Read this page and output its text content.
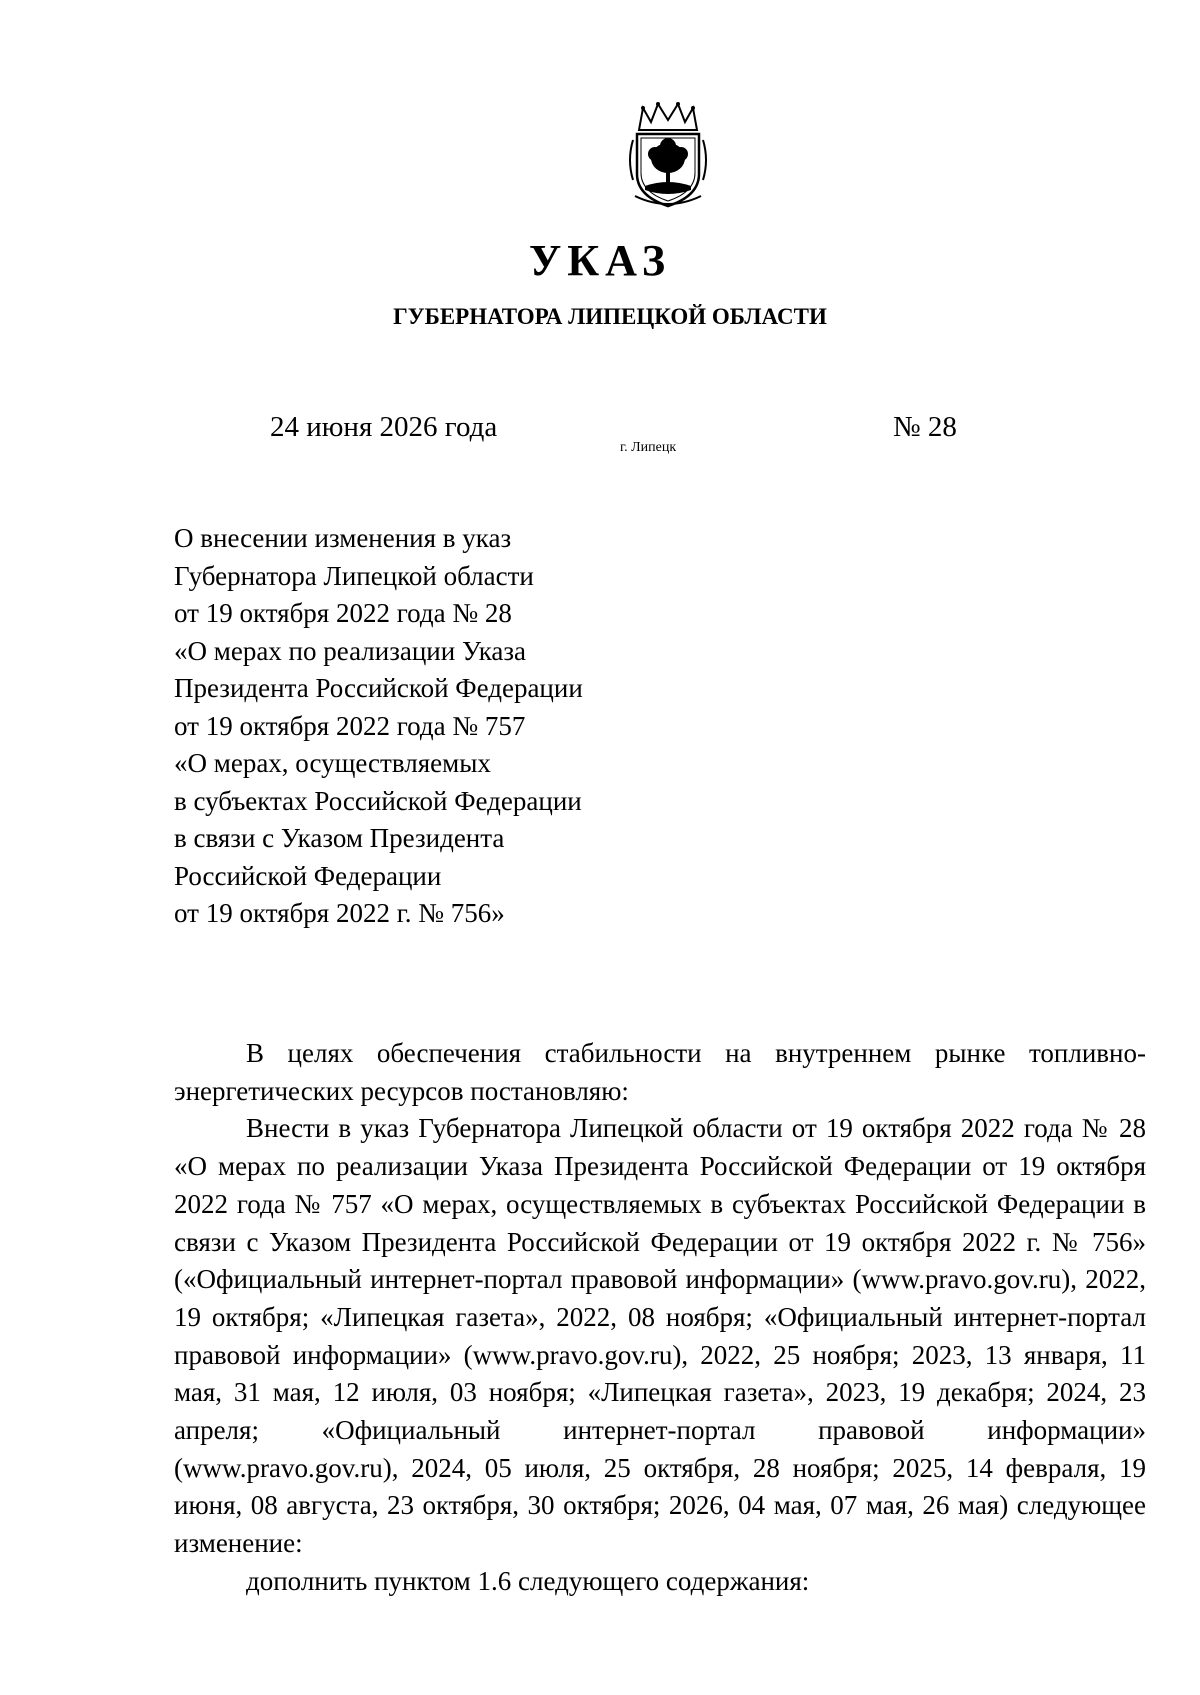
УКАЗ
ГУБЕРНАТОРА ЛИПЕЦКОЙ ОБЛАСТИ
24 июня 2026 года
г. Липецк
№ 28
О внесении изменения в указ
Губернатора Липецкой области
от 19 октября 2022 года № 28
«О мерах по реализации Указа
Президента Российской Федерации
от 19 октября 2022 года № 757
«О мерах, осуществляемых
в субъектах Российской Федерации
в связи с Указом Президента
Российской Федерации
от 19 октября 2022 г. № 756»

В целях обеспечения стабильности на внутреннем рынке топливно-энергетических ресурсов постановляю:

Внести в указ Губернатора Липецкой области от 19 октября 2022 года № 28 «О мерах по реализации Указа Президента Российской Федерации от 19 октября 2022 года № 757 «О мерах, осуществляемых в субъектах Российской Федерации в связи с Указом Президента Российской Федерации от 19 октября 2022 г. № 756» («Официальный интернет-портал правовой информации» (www.pravo.gov.ru), 2022, 19 октября; «Липецкая газета», 2022, 08 ноября; «Официальный интернет-портал правовой информации» (www.pravo.gov.ru), 2022, 25 ноября; 2023, 13 января, 11 мая, 31 мая, 12 июля, 03 ноября; «Липецкая газета», 2023, 19 декабря; 2024, 23 апреля; «Официальный интернет-портал правовой информации» (www.pravo.gov.ru), 2024, 05 июля, 25 октября, 28 ноября; 2025, 14 февраля, 19 июня, 08 августа, 23 октября, 30 октября; 2026, 04 мая, 07 мая, 26 мая) следующее изменение:

дополнить пунктом 1.6 следующего содержания:
